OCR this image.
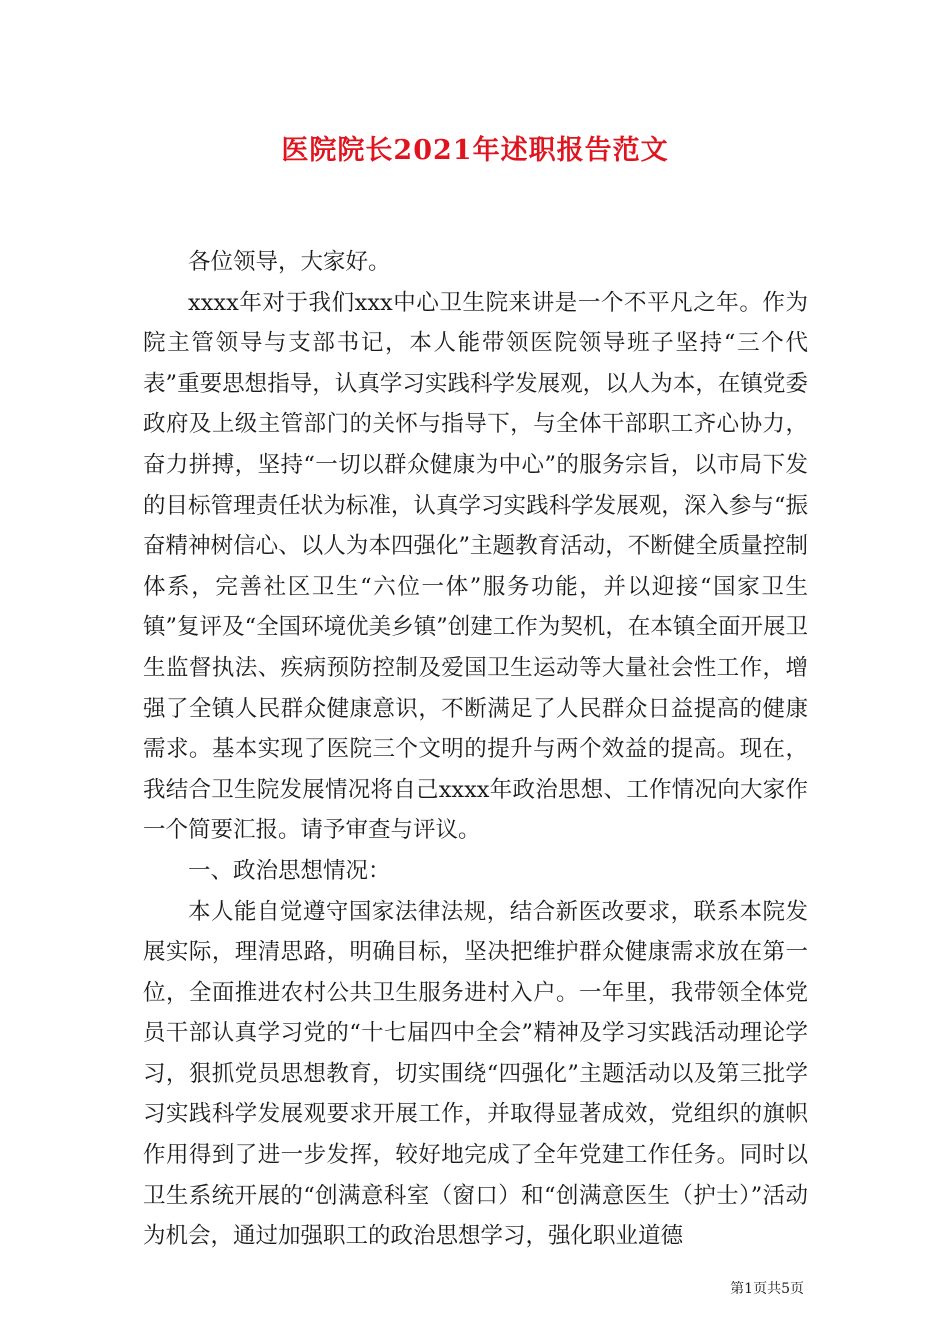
医院院长2021年述职报告范文

各位领导，大家好。

xxxx年对于我们xxx中心卫生院来讲是一个不平凡之年。作为院主管领导与支部书记，本人能带领医院领导班子坚持“三个代表”重要思想指导，认真学习实践科学发展观，以人为本，在镇党委政府及上级主管部门的关怀与指导下，与全体干部职工齐心协力，奋力拼搏，坚持“一切以群众健康为中心”的服务宗旨，以市局下发的目标管理责任状为标准，认真学习实践科学发展观，深入参与“振奋精神树信心、以人为本四强化”主题教育活动，不断健全质量控制体系，完善社区卫生“六位一体”服务功能，并以迎接“国家卫生镇”复评及“全国环境优美乡镇”创建工作为契机，在本镇全面开展卫生监督执法、疾病预防控制及爱国卫生运动等大量社会性工作，增强了全镇人民群众健康意识，不断满足了人民群众日益提高的健康需求。基本实现了医院三个文明的提升与两个效益的提高。现在，我结合卫生院发展情况将自己xxxx年政治思想、工作情况向大家作一个简要汇报。请予审查与评议。

一、政治思想情况：

本人能自觉遵守国家法律法规，结合新医改要求，联系本院发展实际，理清思路，明确目标，坚决把维护群众健康需求放在第一位，全面推进农村公共卫生服务进村入户。一年里，我带领全体党员干部认真学习党的“十七届四中全会”精神及学习实践活动理论学习，狠抓党员思想教育，切实围绕“四强化”主题活动以及第三批学习实践科学发展观要求开展工作，并取得显著成效，党组织的旗帜作用得到了进一步发挥，较好地完成了全年党建工作任务。同时以卫生系统开展的“创满意科室（窗口）和“创满意医生（护士）”活动为机会，通过加强职工的政治思想学习，强化职业道德

第1页共5页
